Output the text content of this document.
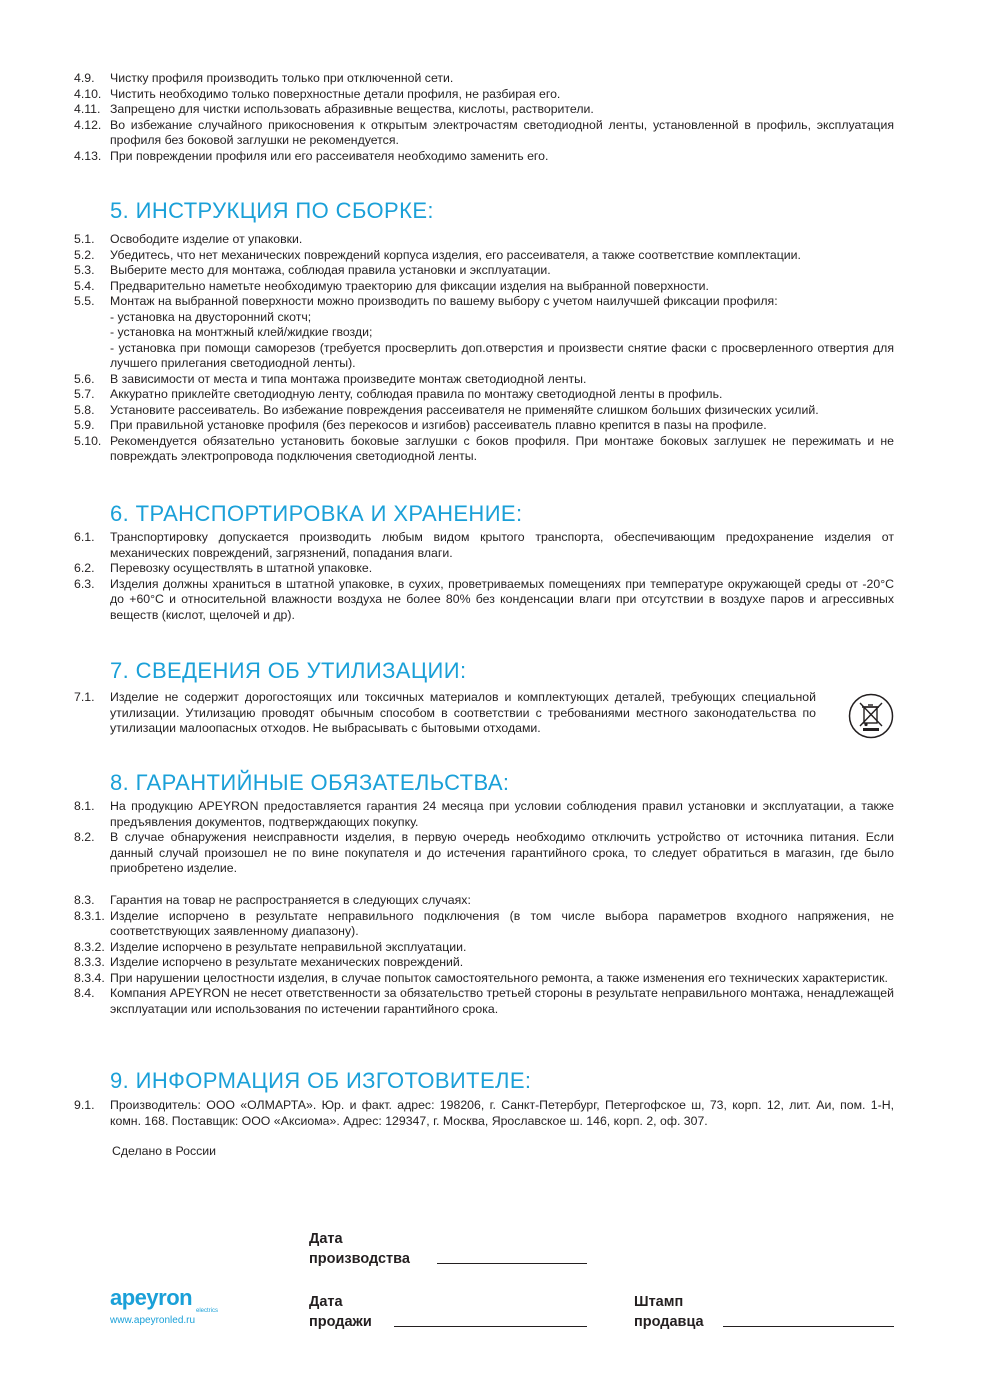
4.9.	Чистку профиля производить только при отключенной сети.
4.10. Чистить необходимо только поверхностные детали профиля, не разбирая его.
4.11. Запрещено для чистки использовать абразивные вещества, кислоты, растворители.
4.12. Во избежание случайного прикосновения к открытым электрочастям светодиодной ленты, установленной в профиль, эксплуатация профиля без боковой заглушки не рекомендуется.
4.13. При повреждении профиля или его рассеивателя необходимо заменить его.
5. ИНСТРУКЦИЯ ПО СБОРКЕ:
5.1.	Освободите изделие от упаковки.
5.2.	Убедитесь, что нет механических повреждений корпуса изделия, его рассеивателя, а также соответствие комплектации.
5.3.	Выберите место для монтажа, соблюдая правила установки и эксплуатации.
5.4.	Предварительно наметьте необходимую траекторию для фиксации изделия на выбранной поверхности.
5.5.	Монтаж на выбранной поверхности можно производить по вашему выбору с учетом наилучшей фиксации профиля:
- установка на двусторонний скотч;
- установка на монтжный клей/жидкие гвозди;
- установка при помощи саморезов (требуется просверлить доп.отверстия и произвести снятие фаски с просверленного отвертия для лучшего прилегания светодиодной ленты).
5.6.	В зависимости от места и типа монтажа произведите монтаж светодиодной ленты.
5.7.	Аккуратно приклейте светодиодную ленту, соблюдая правила по монтажу светодиодной ленты в профиль.
5.8.	Установите рассеиватель. Во избежание повреждения рассеивателя не применяйте слишком больших физических усилий.
5.9.	При правильной установке профиля (без перекосов и изгибов) рассеиватель плавно крепится в пазы на профиле.
5.10. Рекомендуется обязательно установить боковые заглушки с боков профиля. При монтаже боковых заглушек не пережимать и не повреждать электропровода подключения светодиодной ленты.
6. ТРАНСПОРТИРОВКА И ХРАНЕНИЕ:
6.1.	Транспортировку допускается производить любым видом крытого транспорта, обеспечивающим предохранение изделия от механических повреждений, загрязнений, попадания влаги.
6.2.	Перевозку осуществлять в штатной упаковке.
6.3.	Изделия должны храниться в штатной упаковке, в сухих, проветриваемых помещениях при температуре окружающей среды от -20°С до +60°С и относительной влажности воздуха не более 80% без конденсации влаги при отсутствии в воздухе паров и агрессивных веществ (кислот, щелочей и др).
7. СВЕДЕНИЯ ОБ УТИЛИЗАЦИИ:
7.1.	Изделие не содержит дорогостоящих или токсичных материалов и комплектующих деталей, требующих специальной утилизации. Утилизацию проводят обычным способом в соответствии с требованиями местного законодательства по утилизации малоопасных отходов. Не выбрасывать с бытовыми отходами.
8. ГАРАНТИЙНЫЕ ОБЯЗАТЕЛЬСТВА:
8.1.	На продукцию APEYRON предоставляется гарантия 24 месяца при условии соблюдения правил установки и эксплуатации, а также предъявления документов, подтверждающих покупку.
8.2.	В случае обнаружения неисправности изделия, в первую очередь необходимо отключить устройство от источника питания. Если данный случай произошел не по вине покупателя и до истечения гарантийного срока, то следует обратиться в магазин, где было приобретено изделие.
8.3.	Гарантия на товар не распространяется в следующих случаях:
8.3.1. Изделие испорчено в результате неправильного подключения (в том числе выбора параметров входного напряжения, не соответствующих заявленному диапазону).
8.3.2. Изделие испорчено в результате неправильной эксплуатации.
8.3.3. Изделие испорчено в результате механических повреждений.
8.3.4. При нарушении целостности изделия, в случае попыток самостоятельного ремонта, а также изменения его технических характеристик.
8.4.	Компания APEYRON не несет ответственности за обязательство третьей стороны в результате неправильного монтажа, ненадлежащей эксплуатации или использования по истечении гарантийного срока.
9. ИНФОРМАЦИЯ ОБ ИЗГОТОВИТЕЛЕ:
9.1.	Производитель: ООО «ОЛМАРТА». Юр. и факт. адрес: 198206, г. Санкт-Петербург, Петергофское ш, 73, корп. 12, лит. Аи, пом. 1-Н, комн. 168. Поставщик: ООО «Аксиома». Адрес: 129347, г. Москва, Ярославское ш. 146, корп. 2, оф. 307.
Сделано в России
Дата
производства
Дата
продажи
Штамп
продавца
apeyron
electrics
www.apeyronled.ru
